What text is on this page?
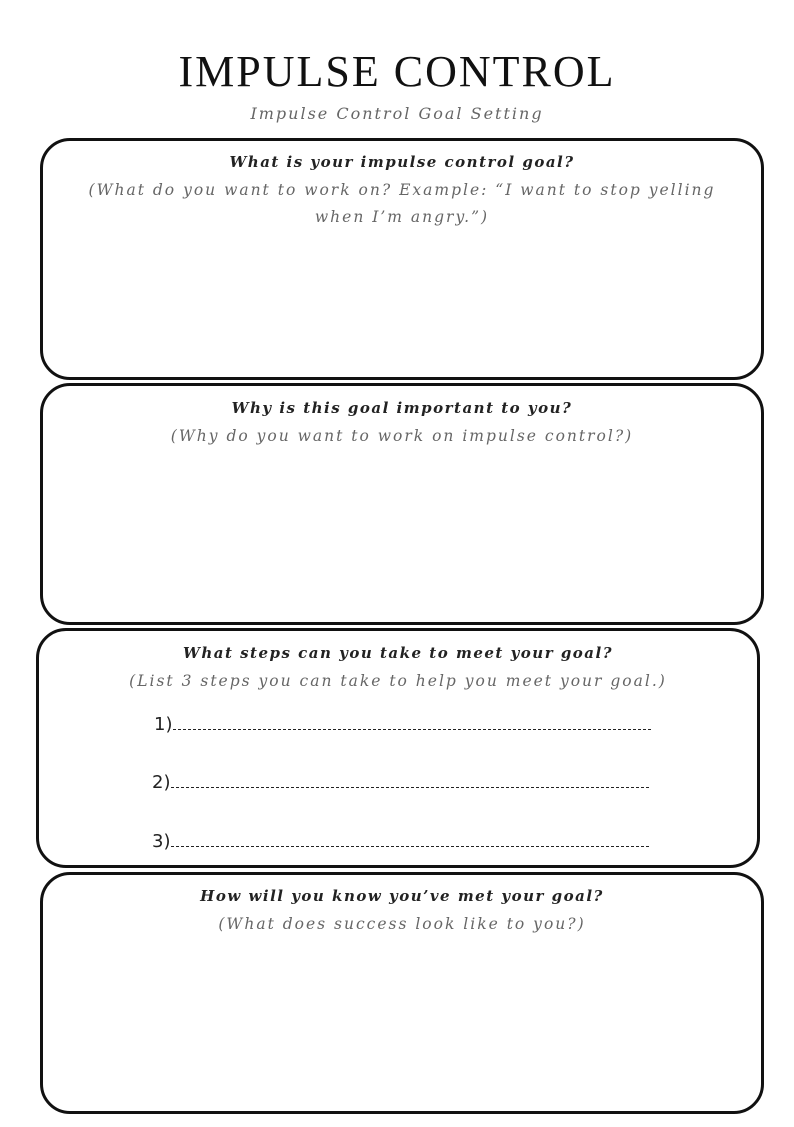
IMPULSE CONTROL
Impulse Control Goal Setting
What is your impulse control goal?
(What do you want to work on? Example: “I want to stop yelling when I’m angry.”)
Why is this goal important to you?
(Why do you want to work on impulse control?)
What steps can you take to meet your goal?
(List 3 steps you can take to help you meet your goal.)
1)
2)
3)
How will you know you’ve met your goal?
(What does success look like to you?)
